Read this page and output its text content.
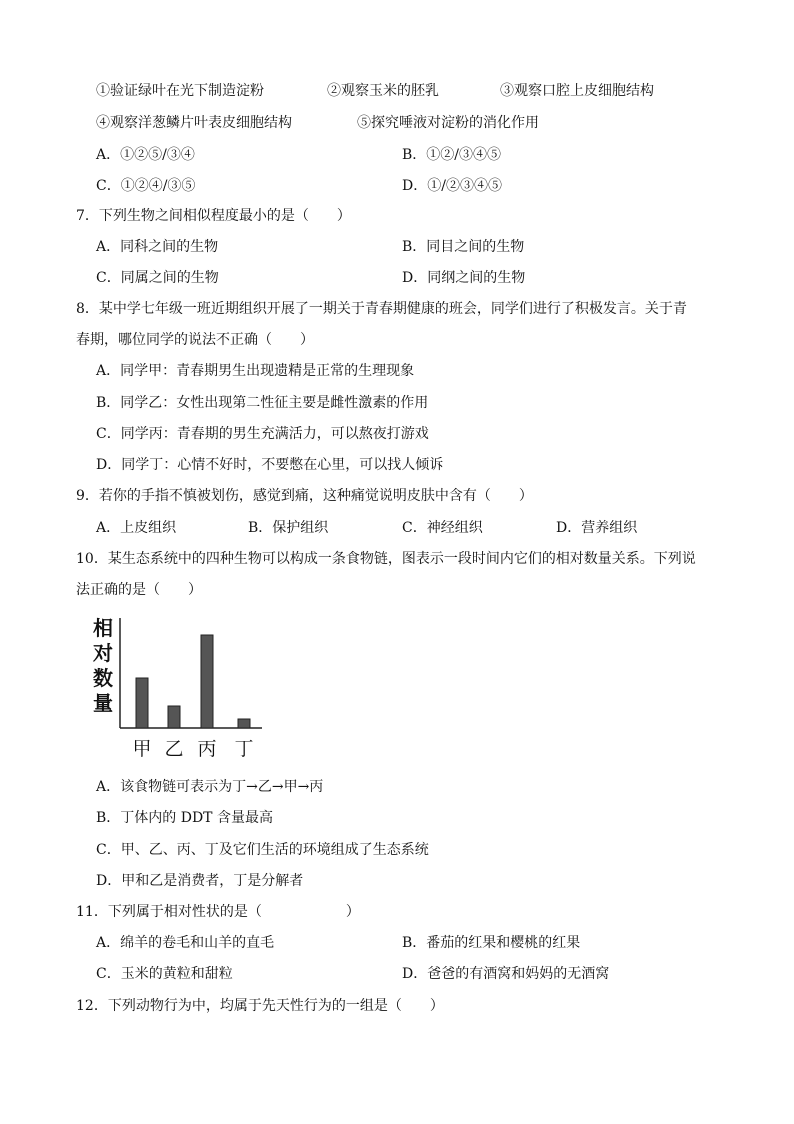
①验证绿叶在光下制造淀粉	②观察玉米的胚乳	③观察口腔上皮细胞结构
④观察洋葱鳞片叶表皮细胞结构	⑤探究唾液对淀粉的消化作用
A．①②⑤/③④	B．①②/③④⑤
C．①②④/③⑤	D．①/②③④⑤
7．下列生物之间相似程度最小的是（　　）
A．同科之间的生物	B．同目之间的生物
C．同属之间的生物	D．同纲之间的生物
8．某中学七年级一班近期组织开展了一期关于青春期健康的班会，同学们进行了积极发言。关于青
春期，哪位同学的说法不正确（　　）
A．同学甲：青春期男生出现遗精是正常的生理现象
B．同学乙：女性出现第二性征主要是雌性激素的作用
C．同学丙：青春期的男生充满活力，可以熬夜打游戏
D．同学丁：心情不好时，不要憋在心里，可以找人倾诉
9．若你的手指不慎被划伤，感觉到痛，这种痛觉说明皮肤中含有（　　）
A．上皮组织	B．保护组织	C．神经组织	D．营养组织
10．某生态系统中的四种生物可以构成一条食物链，图表示一段时间内它们的相对数量关系。下列说
法正确的是（　　）
相
对
数
量
甲 乙 丙 丁
A．该食物链可表示为丁→乙→甲→丙
B．丁体内的 DDT 含量最高
C．甲、乙、丙、丁及它们生活的环境组成了生态系统
D．甲和乙是消费者，丁是分解者
11．下列属于相对性状的是（　　　　　　）
A．绵羊的卷毛和山羊的直毛	B．番茄的红果和樱桃的红果
C．玉米的黄粒和甜粒	D．爸爸的有酒窝和妈妈的无酒窝
12．下列动物行为中，均属于先天性行为的一组是（　　）
